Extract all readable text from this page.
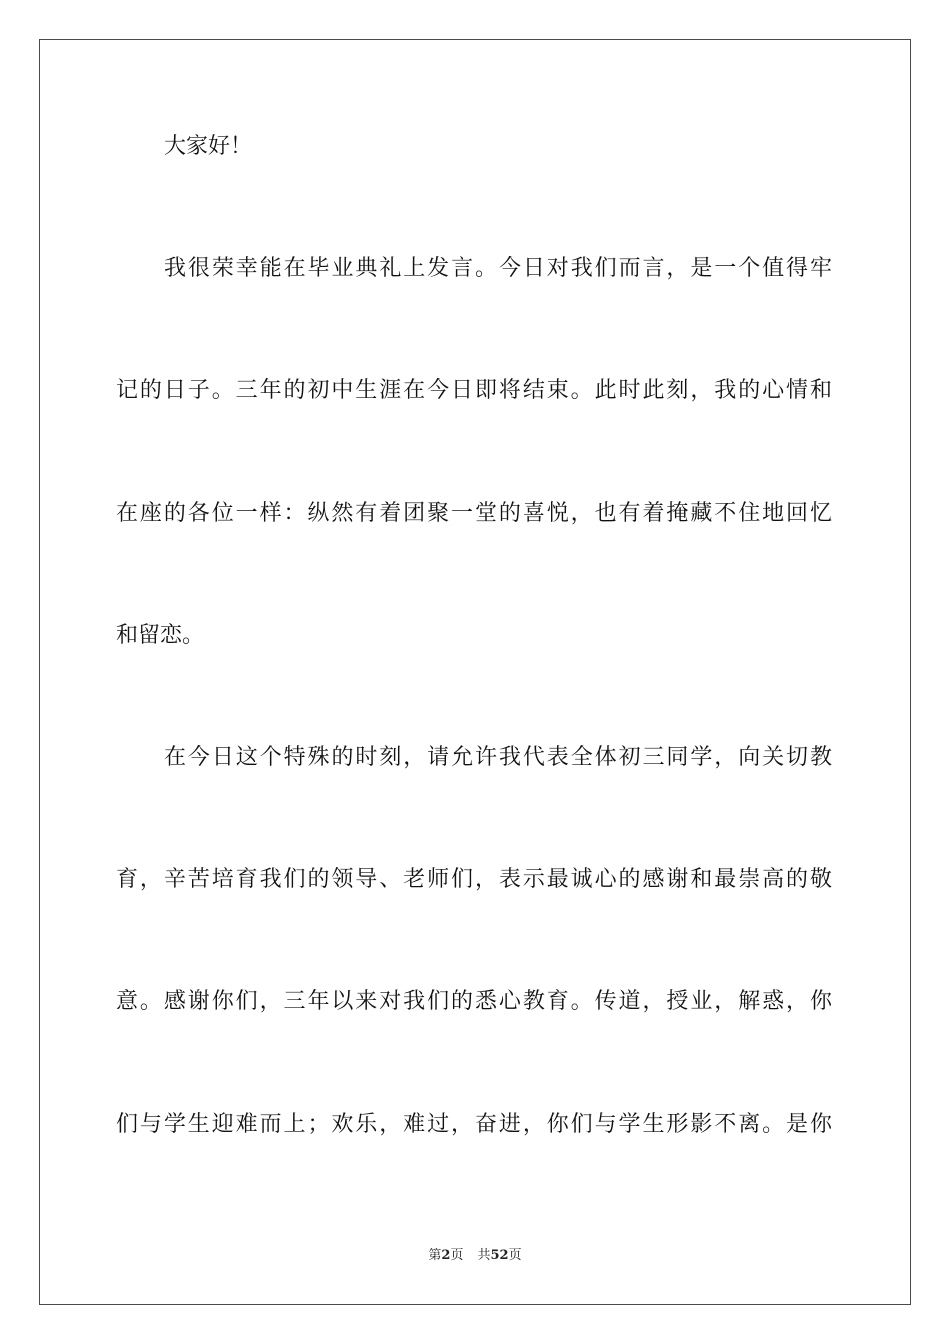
大家好！
我很荣幸能在毕业典礼上发言。今日对我们而言，是一个值得牢
记的日子。三年的初中生涯在今日即将结束。此时此刻，我的心情和
在座的各位一样：纵然有着团聚一堂的喜悦，也有着掩藏不住地回忆
和留恋。
在今日这个特殊的时刻，请允许我代表全体初三同学，向关切教
育，辛苦培育我们的领导、老师们，表示最诚心的感谢和最崇高的敬
意。感谢你们，三年以来对我们的悉心教育。传道，授业，解惑，你
们与学生迎难而上；欢乐，难过，奋进，你们与学生形影不离。是你
第2页 共52页
